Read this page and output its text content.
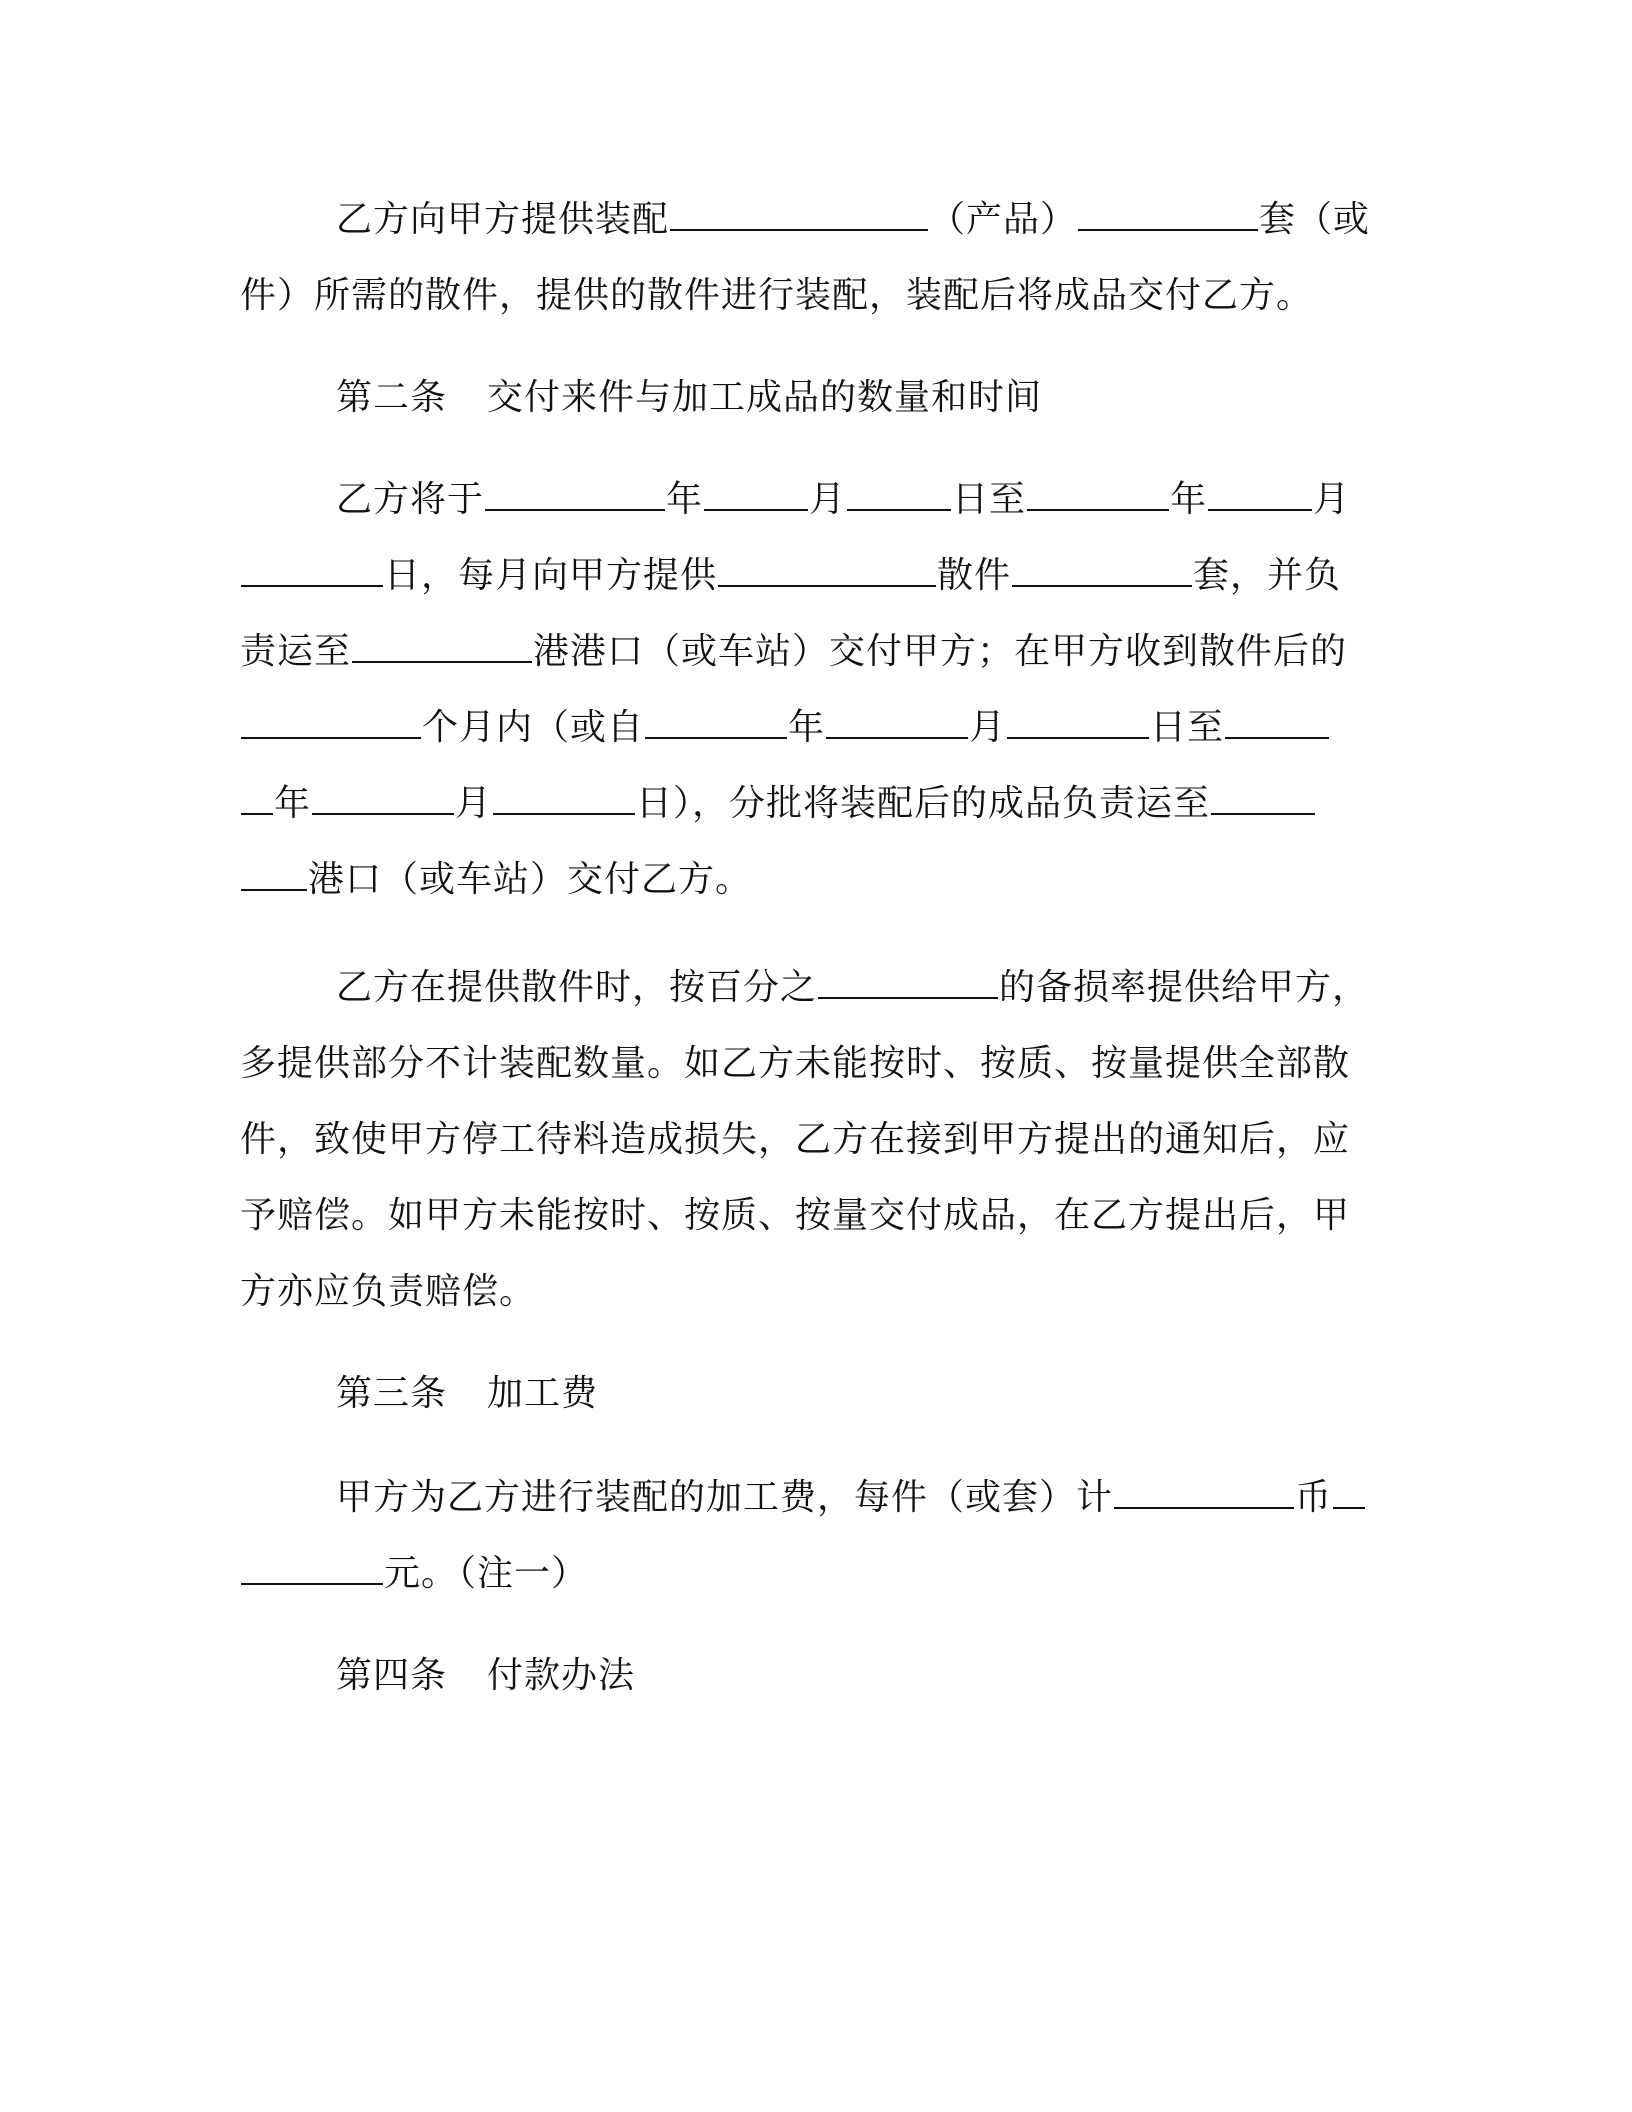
乙方向甲方提供装配	（产品）	套（或
件）所需的散件，提供的散件进行装配，装配后将成品交付乙方。
第二条 交付来件与加工成品的数量和时间
乙方将于	年	月	日至	年	月
日，每月向甲方提供	散件	套，并负
责运至	港港口（或车站）交付甲方；在甲方收到散件后的
个月内（或自	年	月	日至
年	月	日），分批将装配后的成品负责运至
港口（或车站）交付乙方。
乙方在提供散件时，按百分之	的备损率提供给甲方，
多提供部分不计装配数量。如乙方未能按时、按质、按量提供全部散
件，致使甲方停工待料造成损失，乙方在接到甲方提出的通知后，应
予赔偿。如甲方未能按时、按质、按量交付成品，在乙方提出后，甲
方亦应负责赔偿。
第三条 加工费
甲方为乙方进行装配的加工费，每件（或套）计	币
元。（注一）
第四条 付款办法
